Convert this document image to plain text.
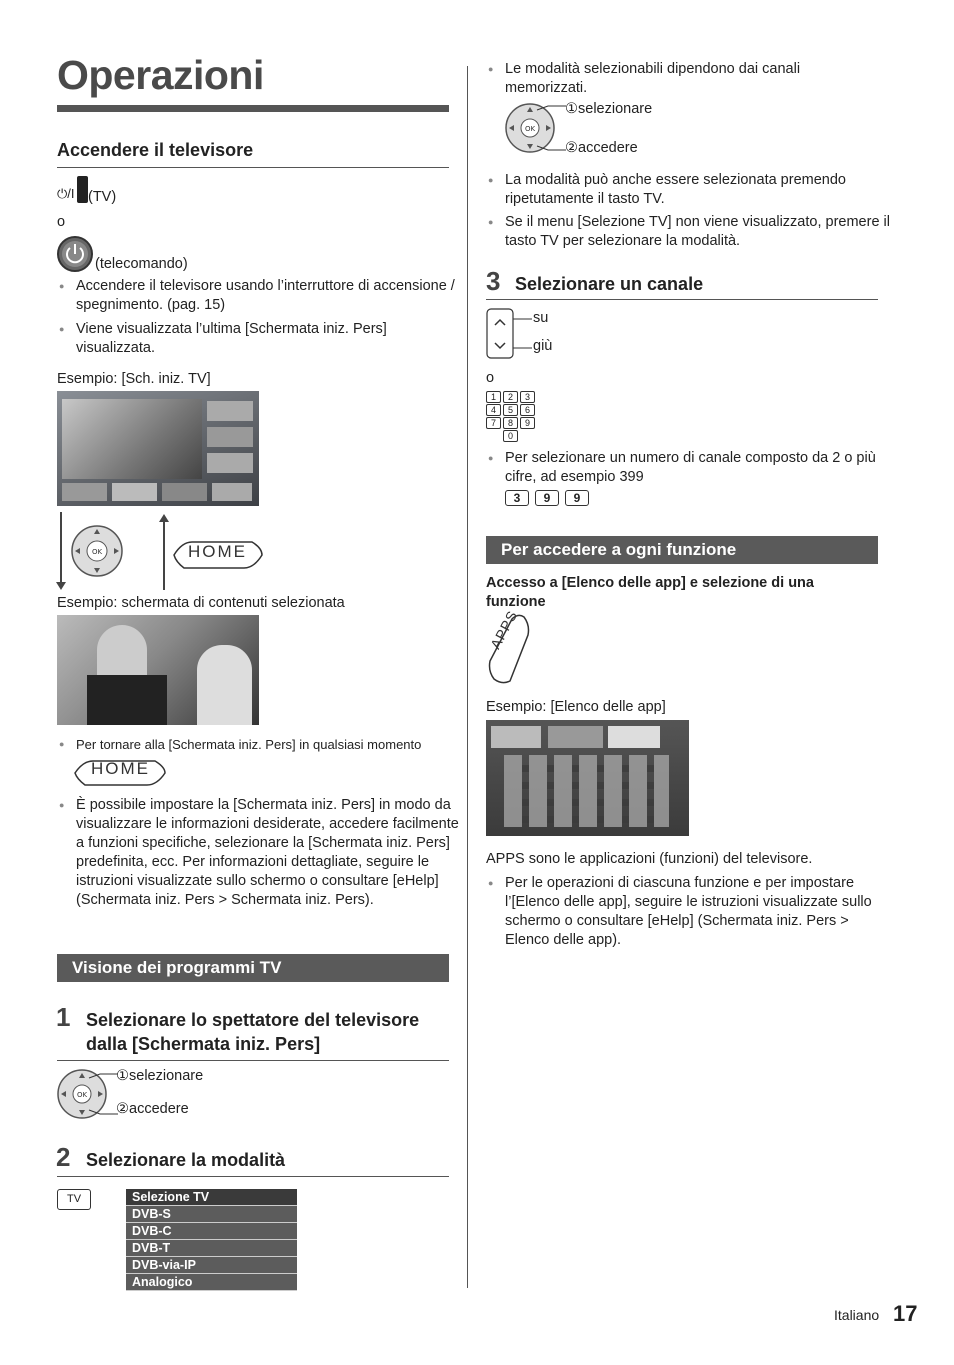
Operazioni
Accendere il televisore
⏻/I (TV)
o
(telecomando)
● Accendere il televisore usando l’interruttore di accensione / spegnimento. (pag. 15)
● Viene visualizzata l’ultima [Schermata iniz. Pers] visualizzata.
Esempio: [Sch. iniz. TV]
OK	HOME
Esempio: schermata di contenuti selezionata
● Per tornare alla [Schermata iniz. Pers] in qualsiasi momento
HOME
● È possibile impostare la [Schermata iniz. Pers] in modo da visualizzare le informazioni desiderate, accedere facilmente a funzioni specifiche, selezionare la [Schermata iniz. Pers] predefinita, ecc. Per informazioni dettagliate, seguire le istruzioni visualizzate sullo schermo o consultare [eHelp] (Schermata iniz. Pers > Schermata iniz. Pers).
Visione dei programmi TV
1 Selezionare lo spettatore del televisore dalla [Schermata iniz. Pers]
OK
①selezionare
②accedere
2 Selezionare la modalità
TV	Selezione TV
DVB-S
DVB-C
DVB-T
DVB-via-IP
Analogico
● Le modalità selezionabili dipendono dai canali memorizzati.
OK
①selezionare
②accedere
● La modalità può anche essere selezionata premendo ripetutamente il tasto TV.
● Se il menu [Selezione TV] non viene visualizzato, premere il tasto TV per selezionare la modalità.
3 Selezionare un canale
su
giù
o
1 2 3
4 5 6
7 8 9
0
● Per selezionare un numero di canale composto da 2 o più cifre, ad esempio 399
3 9 9
Per accedere a ogni funzione
Accesso a [Elenco delle app] e selezione di una funzione
APPS
Esempio: [Elenco delle app]
APPS sono le applicazioni (funzioni) del televisore.
● Per le operazioni di ciascuna funzione e per impostare l’[Elenco delle app], seguire le istruzioni visualizzate sullo schermo o consultare [eHelp] (Schermata iniz. Pers > Elenco delle app).
Italiano 17
